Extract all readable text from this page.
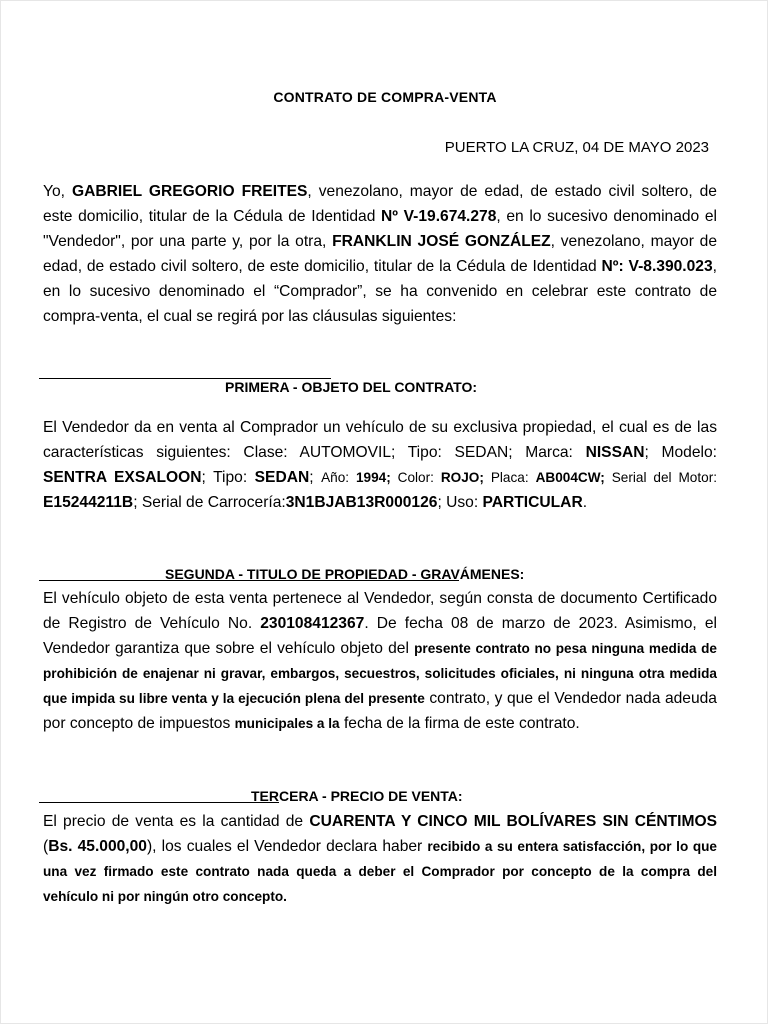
CONTRATO DE COMPRA-VENTA
PUERTO LA CRUZ, 04 DE MAYO 2023
Yo, GABRIEL GREGORIO FREITES, venezolano, mayor de edad, de estado civil soltero, de este domicilio, titular de la Cédula de Identidad Nº V-19.674.278, en lo sucesivo denominado el "Vendedor", por una parte y, por la otra, FRANKLIN JOSÉ GONZÁLEZ, venezolano, mayor de edad, de estado civil soltero, de este domicilio, titular de la Cédula de Identidad Nº: V-8.390.023, en lo sucesivo denominado el “Comprador”, se ha convenido en celebrar este contrato de compra-venta, el cual se regirá por las cláusulas siguientes:
PRIMERA - OBJETO DEL CONTRATO:
El Vendedor da en venta al Comprador un vehículo de su exclusiva propiedad, el cual es de las características siguientes: Clase: AUTOMOVIL; Tipo: SEDAN; Marca: NISSAN; Modelo: SENTRA EXSALOON; Tipo: SEDAN; Año: 1994; Color: ROJO; Placa: AB004CW; Serial del Motor: E15244211B; Serial de Carrocería:3N1BJAB13R000126; Uso: PARTICULAR.
SEGUNDA - TITULO DE PROPIEDAD - GRAVÁMENES:
El vehículo objeto de esta venta pertenece al Vendedor, según consta de documento Certificado de Registro de Vehículo No. 230108412367. De fecha 08 de marzo de 2023. Asimismo, el Vendedor garantiza que sobre el vehículo objeto del presente contrato no pesa ninguna medida de prohibición de enajenar ni gravar, embargos, secuestros, solicitudes oficiales, ni ninguna otra medida que impida su libre venta y la ejecución plena del presente contrato, y que el Vendedor nada adeuda por concepto de impuestos municipales a la fecha de la firma de este contrato.
TERCERA - PRECIO DE VENTA:
El precio de venta es la cantidad de CUARENTA Y CINCO MIL BOLÍVARES SIN CÉNTIMOS (Bs. 45.000,00), los cuales el Vendedor declara haber recibido a su entera satisfacción, por lo que una vez firmado este contrato nada queda a deber el Comprador por concepto de la compra del vehículo ni por ningún otro concepto.
